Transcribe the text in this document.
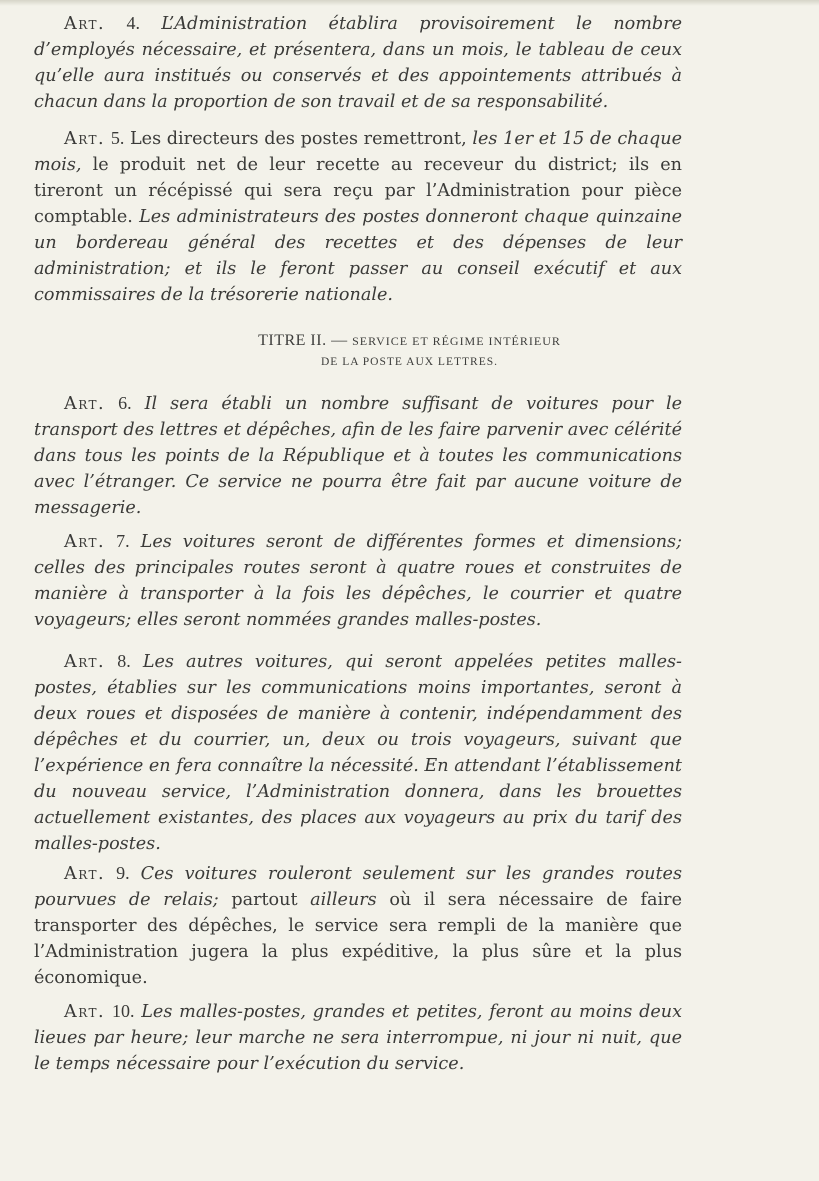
Art. 4. L’Administration établira provisoirement le nombre d’employés nécessaire, et présentera, dans un mois, le tableau de ceux qu’elle aura institués ou conservés et des appointements attribués à chacun dans la proportion de son travail et de sa responsabilité.
Art. 5. Les directeurs des postes remettront, les 1er et 15 de chaque mois, le produit net de leur recette au receveur du district; ils en tireront un récépissé qui sera reçu par l’Administration pour pièce comptable. Les administrateurs des postes donneront chaque quinzaine un bordereau général des recettes et des dépenses de leur administration; et ils le feront passer au conseil exécutif et aux commissaires de la trésorerie nationale.
TITRE II. — SERVICE ET RÉGIME INTÉRIEUR
DE LA POSTE AUX LETTRES.
Art. 6. Il sera établi un nombre suffisant de voitures pour le transport des lettres et dépêches, afin de les faire parvenir avec célérité dans tous les points de la République et à toutes les communications avec l’étranger. Ce service ne pourra être fait par aucune voiture de messagerie.
Art. 7. Les voitures seront de différentes formes et dimensions; celles des principales routes seront à quatre roues et construites de manière à transporter à la fois les dépêches, le courrier et quatre voyageurs; elles seront nommées grandes malles-postes.
Art. 8. Les autres voitures, qui seront appelées petites malles-postes, établies sur les communications moins importantes, seront à deux roues et disposées de manière à contenir, indépendamment des dépêches et du courrier, un, deux ou trois voyageurs, suivant que l’expérience en fera connaître la nécessité. En attendant l’établissement du nouveau service, l’Administration donnera, dans les brouettes actuellement existantes, des places aux voyageurs au prix du tarif des malles-postes.
Art. 9. Ces voitures rouleront seulement sur les grandes routes pourvues de relais; partout ailleurs où il sera nécessaire de faire transporter des dépêches, le service sera rempli de la manière que l’Administration jugera la plus expéditive, la plus sûre et la plus économique.
Art. 10. Les malles-postes, grandes et petites, feront au moins deux lieues par heure; leur marche ne sera interrompue, ni jour ni nuit, que le temps nécessaire pour l’exécution du service.
